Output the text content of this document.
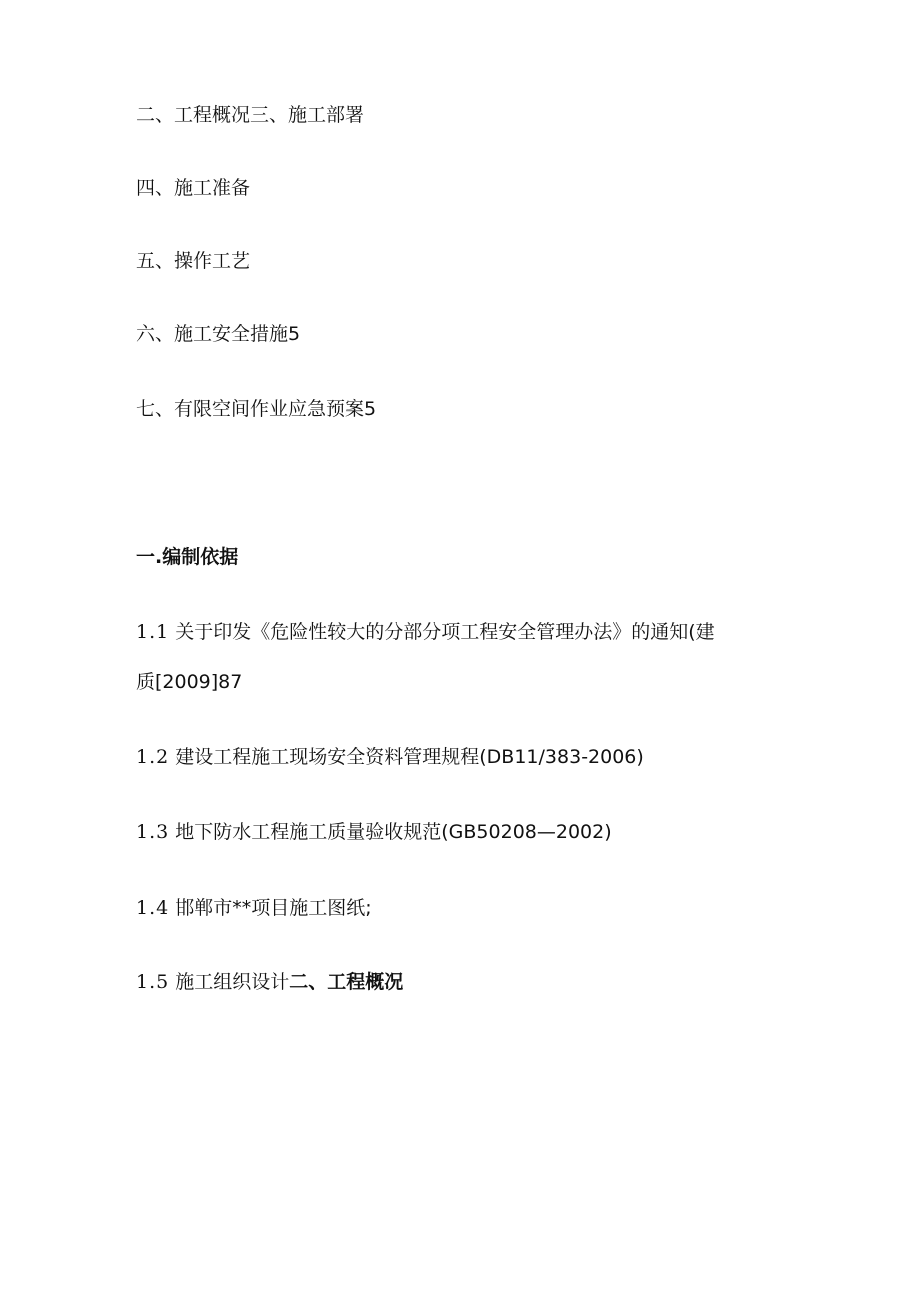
二、工程概况三、施工部署
四、施工准备
五、操作工艺
六、施工安全措施5
七、有限空间作业应急预案5
一.编制依据
1.1 关于印发《危险性较大的分部分项工程安全管理办法》的通知(建
质[2009]87
1.2 建设工程施工现场安全资料管理规程(DB11/383-2006)
1.3 地下防水工程施工质量验收规范(GB50208—2002)
1.4 邯郸市**项目施工图纸;
1.5 施工组织设计二、工程概况
